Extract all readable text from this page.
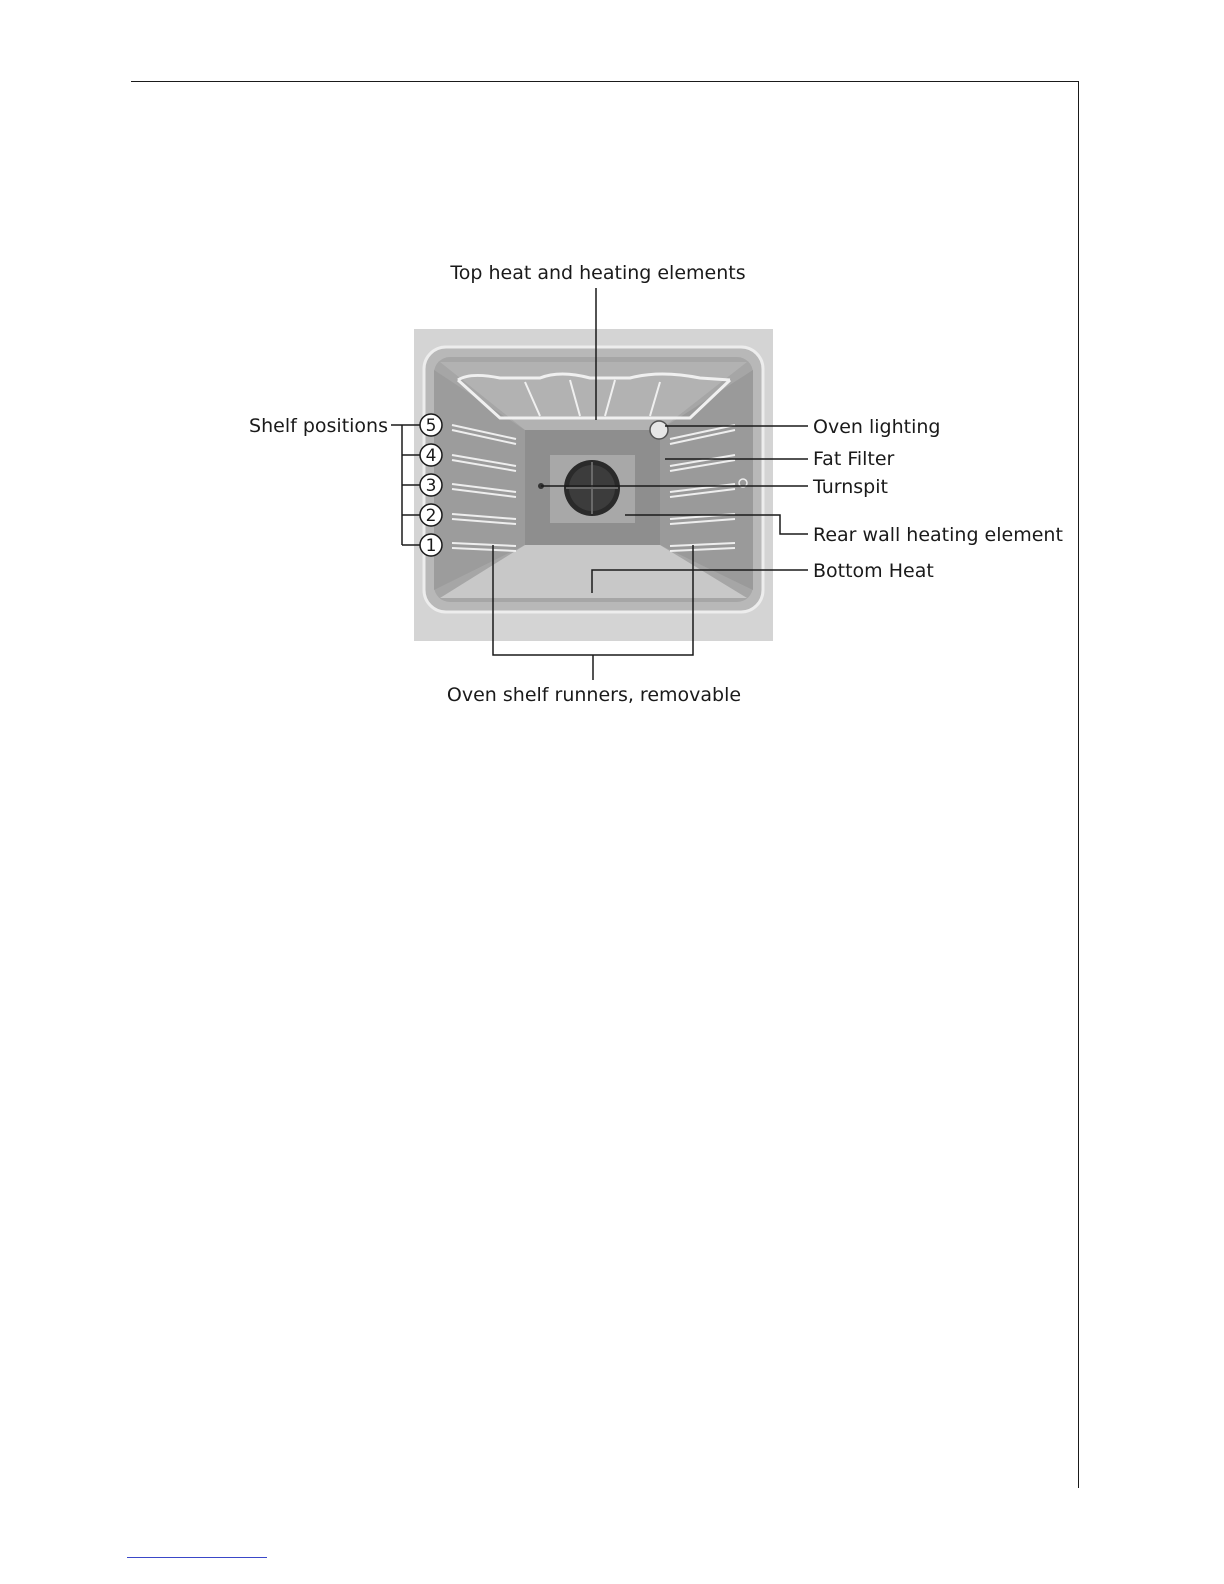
5
4
3
2
1
Top heat and heating elements
Shelf positions	Oven lighting
Fat Filter
Turnspit
Rear wall heating element
Bottom Heat
Oven shelf runners, removable
